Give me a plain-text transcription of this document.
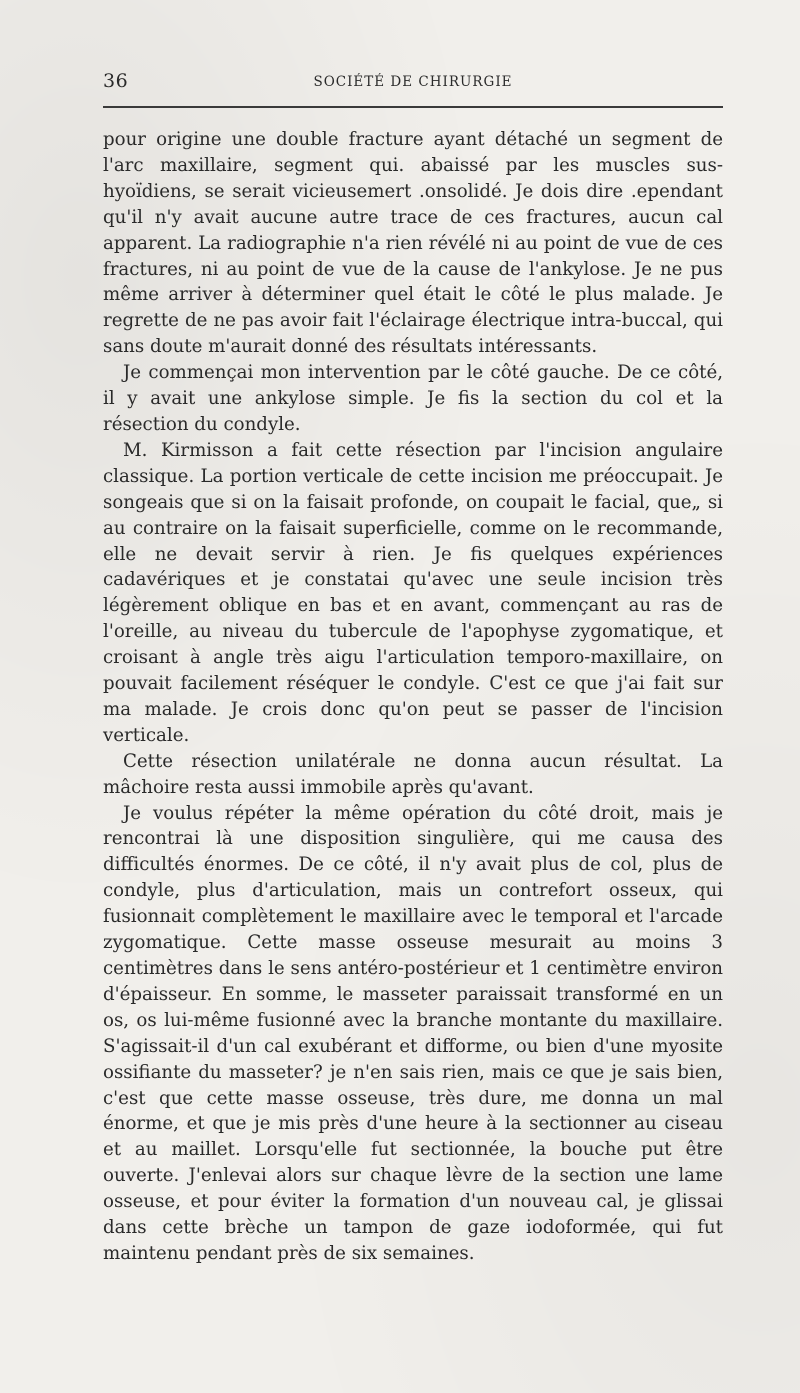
36	SOCIÉTÉ DE CHIRURGIE

pour origine une double fracture ayant détaché un segment de l'arc maxillaire, segment qui. abaissé par les muscles sus-hyoïdiens, se serait vicieusemert .onsolidé. Je dois dire .ependant qu'il n'y avait aucune autre trace de ces fractures, aucun cal apparent. La radiographie n'a rien révélé ni au point de vue de ces fractures, ni au point de vue de la cause de l'ankylose. Je ne pus même arriver à déterminer quel était le côté le plus malade. Je regrette de ne pas avoir fait l'éclairage électrique intra-buccal, qui sans doute m'aurait donné des résultats intéressants.

Je commençai mon intervention par le côté gauche. De ce côté, il y avait une ankylose simple. Je fis la section du col et la résection du condyle.

M. Kirmisson a fait cette résection par l'incision angulaire classique. La portion verticale de cette incision me préoccupait. Je songeais que si on la faisait profonde, on coupait le facial, que„ si au contraire on la faisait superficielle, comme on le recommande, elle ne devait servir à rien. Je fis quelques expériences cadavériques et je constatai qu'avec une seule incision très légèrement oblique en bas et en avant, commençant au ras de l'oreille, au niveau du tubercule de l'apophyse zygomatique, et croisant à angle très aigu l'articulation temporo-maxillaire, on pouvait facilement réséquer le condyle. C'est ce que j'ai fait sur ma malade. Je crois donc qu'on peut se passer de l'incision verticale.

Cette résection unilatérale ne donna aucun résultat. La mâchoire resta aussi immobile après qu'avant.

Je voulus répéter la même opération du côté droit, mais je rencontrai là une disposition singulière, qui me causa des difficultés énormes. De ce côté, il n'y avait plus de col, plus de condyle, plus d'articulation, mais un contrefort osseux, qui fusionnait complètement le maxillaire avec le temporal et l'arcade zygomatique. Cette masse osseuse mesurait au moins 3 centimètres dans le sens antéro-postérieur et 1 centimètre environ d'épaisseur. En somme, le masseter paraissait transformé en un os, os lui-même fusionné avec la branche montante du maxillaire. S'agissait-il d'un cal exubérant et difforme, ou bien d'une myosite ossifiante du masseter? je n'en sais rien, mais ce que je sais bien, c'est que cette masse osseuse, très dure, me donna un mal énorme, et que je mis près d'une heure à la sectionner au ciseau et au maillet. Lorsqu'elle fut sectionnée, la bouche put être ouverte. J'enlevai alors sur chaque lèvre de la section une lame osseuse, et pour éviter la formation d'un nouveau cal, je glissai dans cette brèche un tampon de gaze iodoformée, qui fut maintenu pendant près de six semaines.
